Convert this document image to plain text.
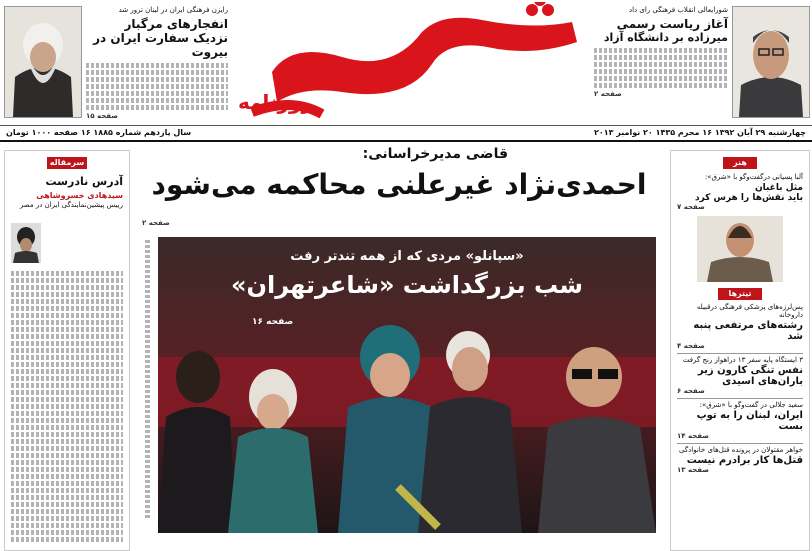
رایزن فرهنگی ایران در لبنان ترور شد
انفجارهای مرگبار
نزدیک سفارت ایران در بیروت
صفحه ۱۵
روزنامه
شورایعالی انقلاب فرهنگی رای داد
آغاز ریاست رسمی
میرزاده بر دانشگاه آزاد
صفحه ۲
چهارشنبه ۲۹ آبان ۱۳۹۲ ۱۶ محرم ۱۴۳۵ ۲۰ نوامبر ۲۰۱۳
سال یازدهم شماره ۱۸۸۵ ۱۶ صفحه ۱۰۰۰ تومان
سرمقاله
آدرس نادرست
سیدهادی خسروشاهی
رییس پیشین‌نمایندگی ایران در مصر
قاضی مدیرخراسانی:
احمدی‌نژاد غیرعلنی محاکمه می‌شود
صفحه ۲
«سپانلو» مردی که از همه تندتر رفت
شب بزرگداشت «شاعرتهران»
صفحه ۱۶
هنر
آلبا پسیانی درگفت‌وگو با «شرق»:
مثل باغبان
باید نقش‌ها را هرس کرد
صفحه ۷
تیترها
پس‌لرزه‌های پزشکی فرهنگی درقبیله داروخانه
رشته‌های مرتفعی پنبه شد
صفحه ۴
۳ ایستگاه پایه سفر ۱۳ دراهواز رنج گرفت
نفس تنگی کارون زیر باران‌های اسیدی
صفحه ۶
سعید جلالی در گفت‌وگو با «شرق»:
ایران، لبنان را به توپ بست
صفحه ۱۴
خواهر مقتولان در پرونده قتل‌های خانوادگی
قتل‌ها کار برادرم نیست
صفحه ۱۳
